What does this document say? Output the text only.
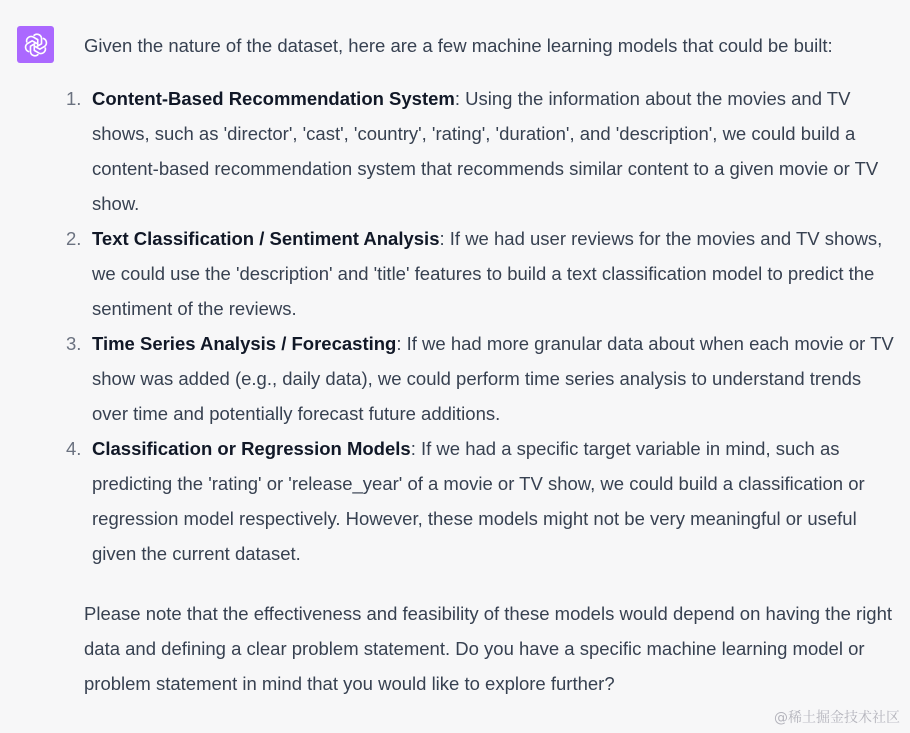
Given the nature of the dataset, here are a few machine learning models that could be built:

1. Content-Based Recommendation System: Using the information about the movies and TV shows, such as 'director', 'cast', 'country', 'rating', 'duration', and 'description', we could build a content-based recommendation system that recommends similar content to a given movie or TV show.
2. Text Classification / Sentiment Analysis: If we had user reviews for the movies and TV shows, we could use the 'description' and 'title' features to build a text classification model to predict the sentiment of the reviews.
3. Time Series Analysis / Forecasting: If we had more granular data about when each movie or TV show was added (e.g., daily data), we could perform time series analysis to understand trends over time and potentially forecast future additions.
4. Classification or Regression Models: If we had a specific target variable in mind, such as predicting the 'rating' or 'release_year' of a movie or TV show, we could build a classification or regression model respectively. However, these models might not be very meaningful or useful given the current dataset.

Please note that the effectiveness and feasibility of these models would depend on having the right data and defining a clear problem statement. Do you have a specific machine learning model or problem statement in mind that you would like to explore further?

@稀土掘金技术社区
